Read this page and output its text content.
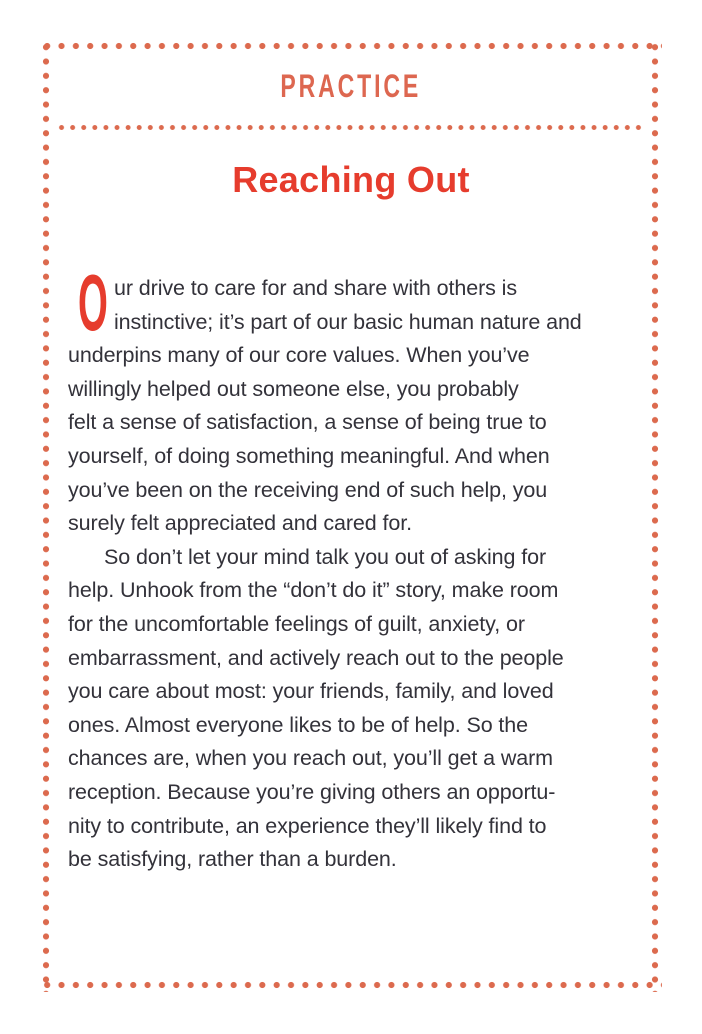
PRACTICE
Reaching Out
O ur drive to care for and share with others is
instinctive; it’s part of our basic human nature and
underpins many of our core values. When you’ve
willingly helped out someone else, you probably
felt a sense of satisfaction, a sense of being true to
yourself, of doing something meaningful. And when
you’ve been on the receiving end of such help, you
surely felt appreciated and cared for.
So don’t let your mind talk you out of asking for
help. Unhook from the “don’t do it” story, make room
for the uncomfortable feelings of guilt, anxiety, or
embarrassment, and actively reach out to the people
you care about most: your friends, family, and loved
ones. Almost everyone likes to be of help. So the
chances are, when you reach out, you’ll get a warm
reception. Because you’re giving others an opportu-
nity to contribute, an experience they’ll likely find to
be satisfying, rather than a burden.
